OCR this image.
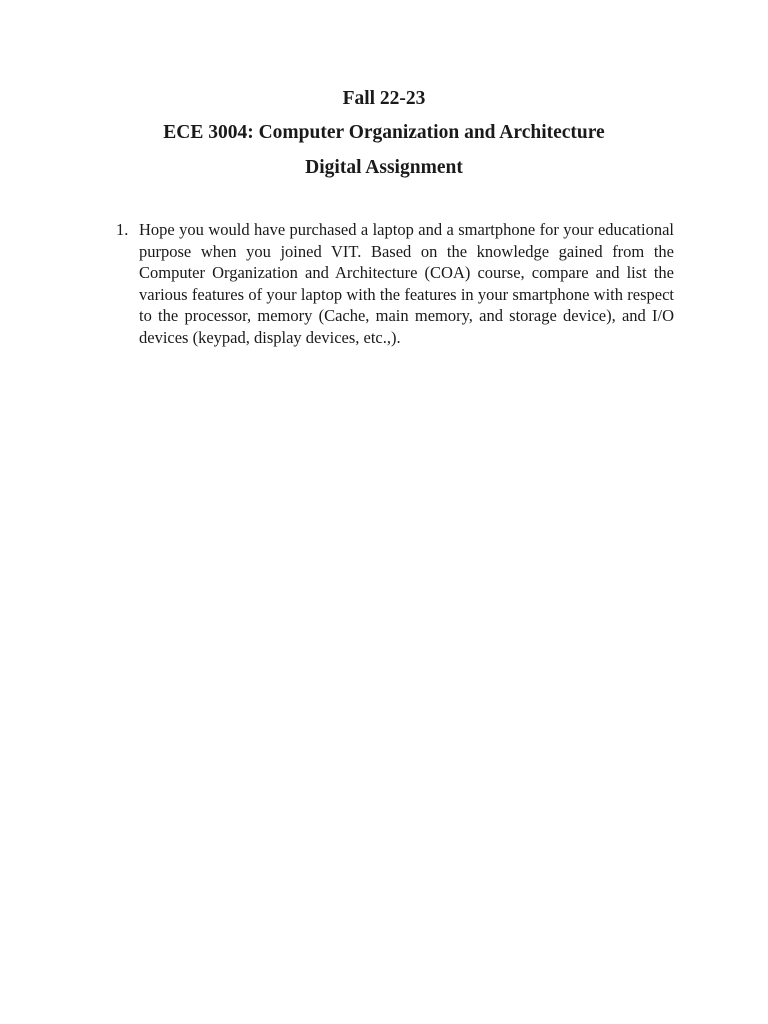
Fall 22-23
ECE 3004: Computer Organization and Architecture
Digital Assignment
1. Hope you would have purchased a laptop and a smartphone for your educational purpose when you joined VIT. Based on the knowledge gained from the Computer Organization and Architecture (COA) course, compare and list the various features of your laptop with the features in your smartphone with respect to the processor, memory (Cache, main memory, and storage device), and I/O devices (keypad, display devices, etc.,).
